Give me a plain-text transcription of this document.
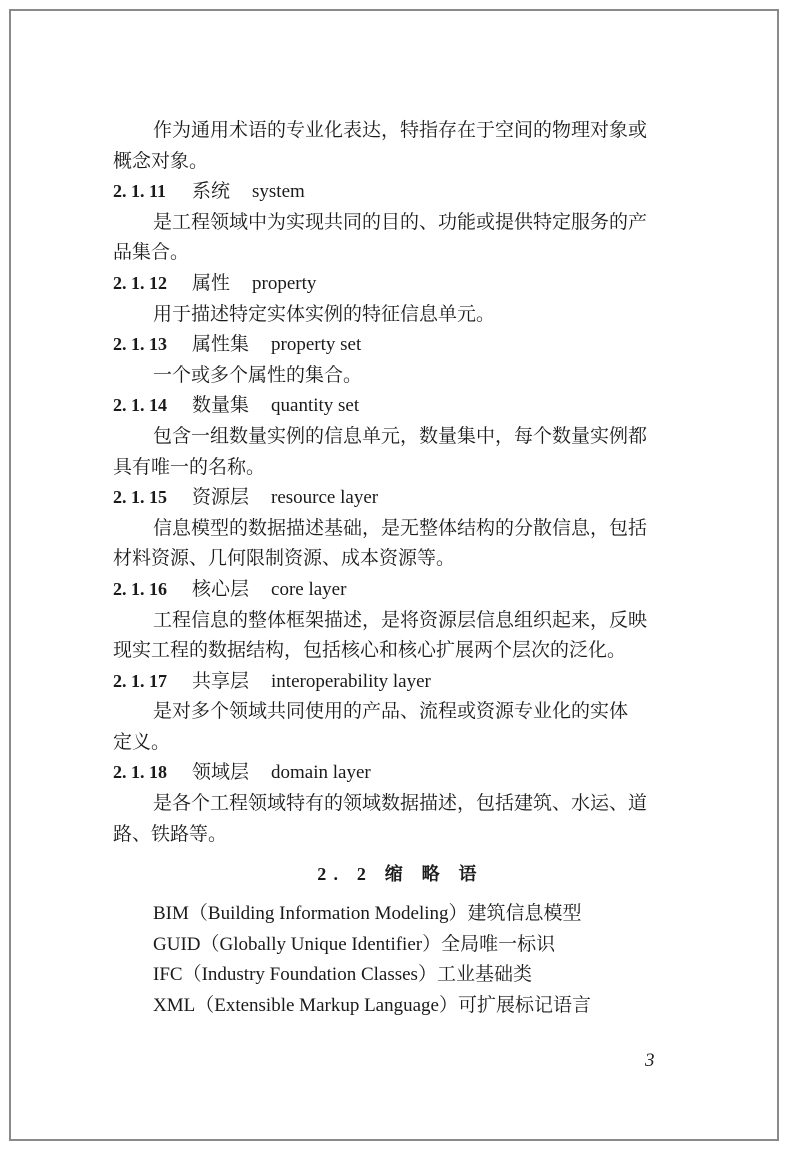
作为通用术语的专业化表达，特指存在于空间的物理对象或
概念对象。
2. 1. 11 系统 system
是工程领域中为实现共同的目的、功能或提供特定服务的产
品集合。
2. 1. 12 属性 property
用于描述特定实体实例的特征信息单元。
2. 1. 13 属性集 property set
一个或多个属性的集合。
2. 1. 14 数量集 quantity set
包含一组数量实例的信息单元，数量集中，每个数量实例都
具有唯一的名称。
2. 1. 15 资源层 resource layer
信息模型的数据描述基础，是无整体结构的分散信息，包括
材料资源、几何限制资源、成本资源等。
2. 1. 16 核心层 core layer
工程信息的整体框架描述，是将资源层信息组织起来，反映
现实工程的数据结构，包括核心和核心扩展两个层次的泛化。
2. 1. 17 共享层 interoperability layer
是对多个领域共同使用的产品、流程或资源专业化的实体
定义。
2. 1. 18 领域层 domain layer
是各个工程领域特有的领域数据描述，包括建筑、水运、道
路、铁路等。
2. 2 缩 略 语
BIM（Building Information Modeling）建筑信息模型
GUID（Globally Unique Identifier）全局唯一标识
IFC（Industry Foundation Classes）工业基础类
XML（Extensible Markup Language）可扩展标记语言
3
